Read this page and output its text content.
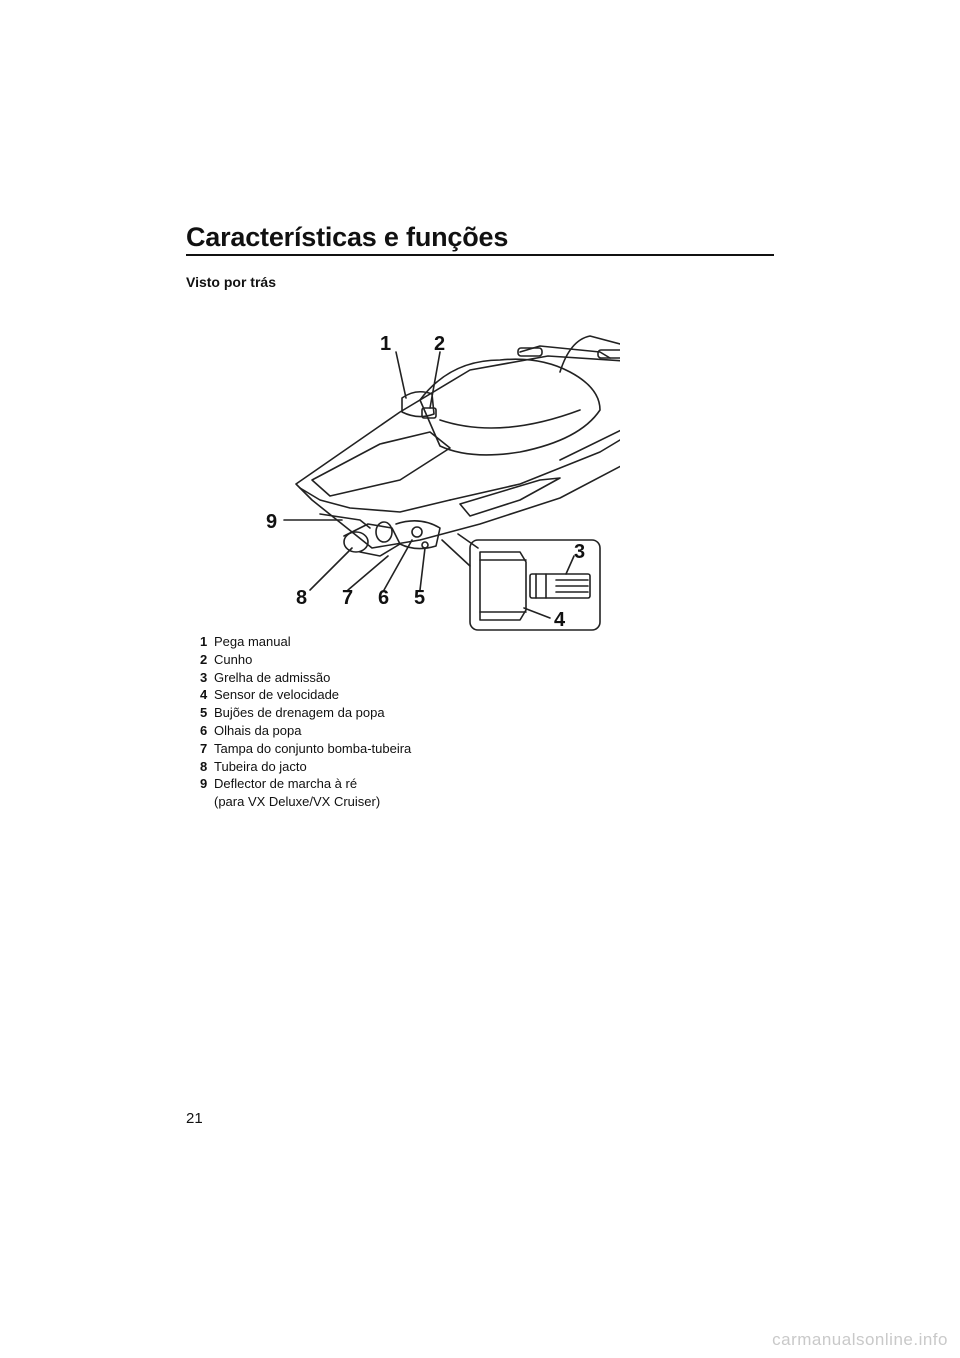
Características e funções
Visto por trás
1 2
3
4
5
6
7
8
9
1 Pega manual
2 Cunho
3 Grelha de admissão
4 Sensor de velocidade
5 Bujões de drenagem da popa
6 Olhais da popa
7 Tampa do conjunto bomba-tubeira
8 Tubeira do jacto
9 Deflector de marcha à ré
(para VX Deluxe/VX Cruiser)
21
carmanualsonline.info
